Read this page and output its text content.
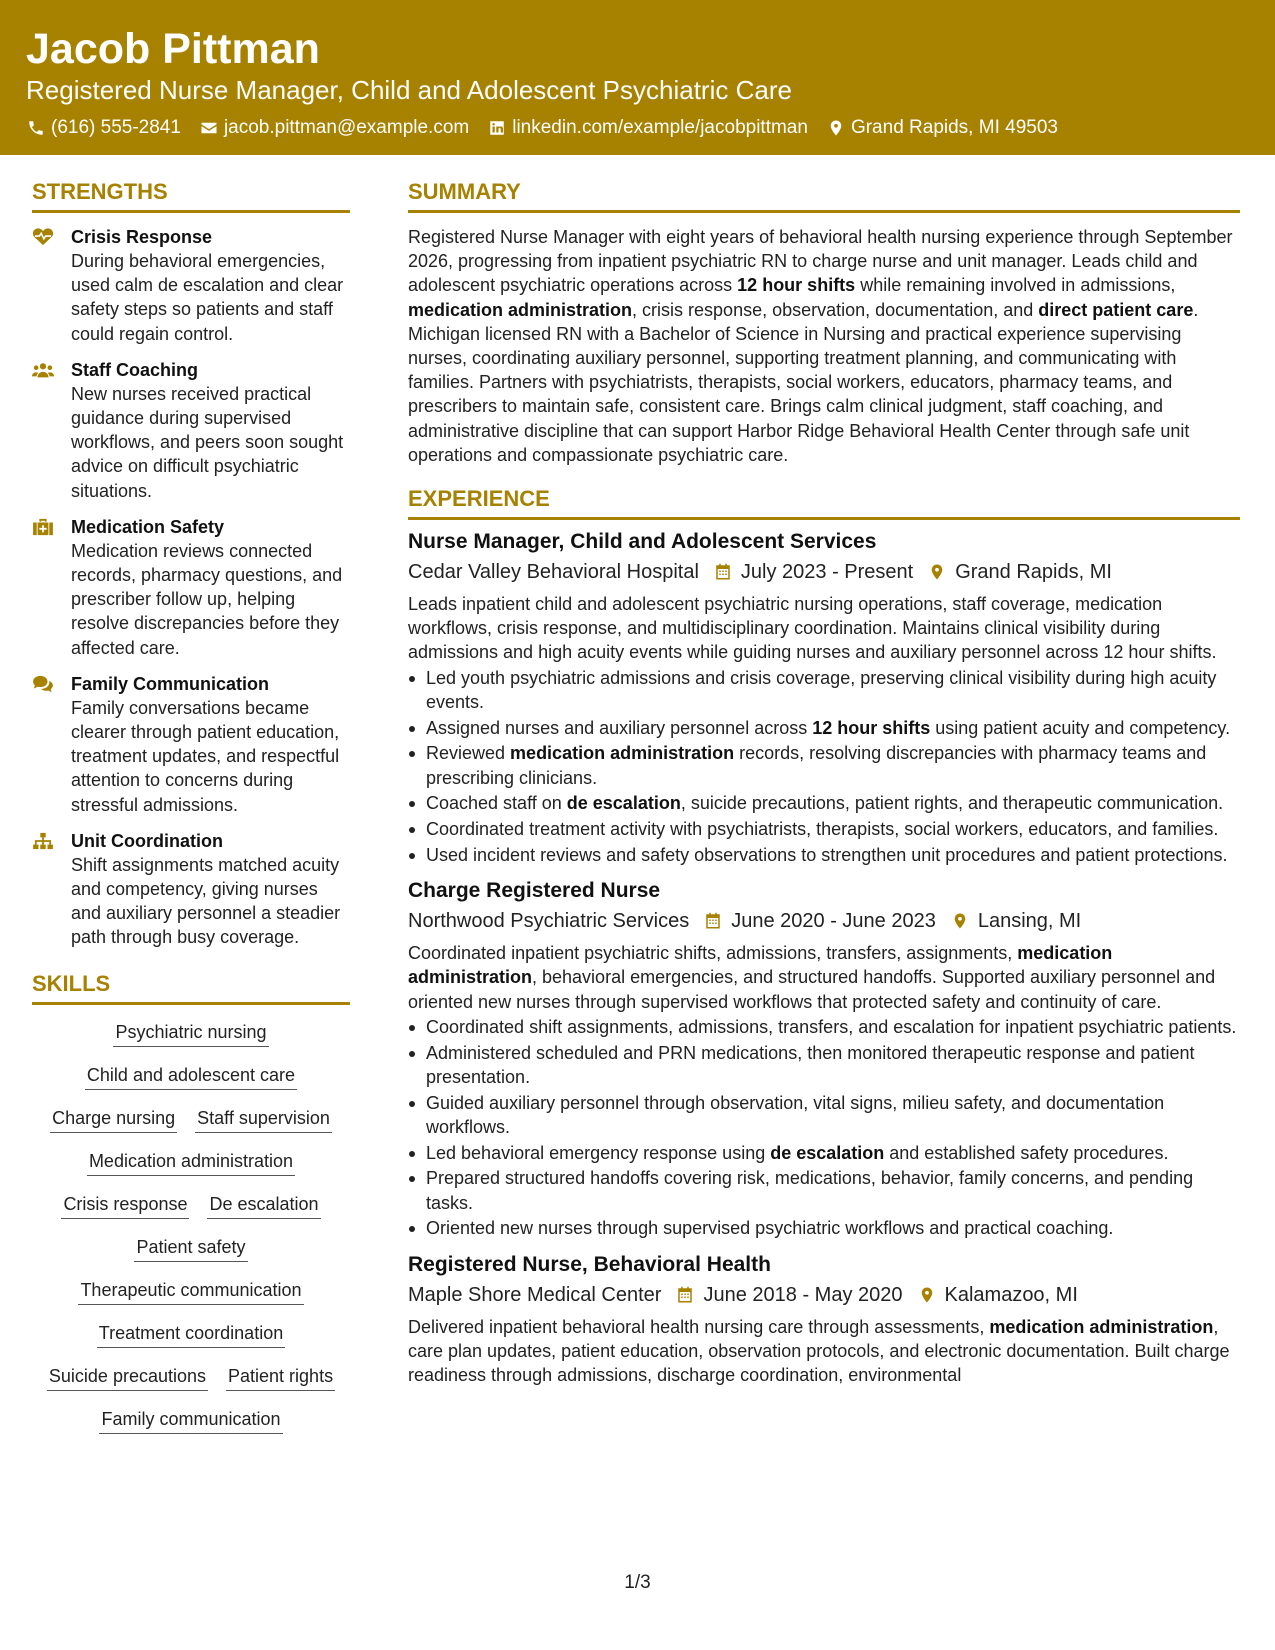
Jacob Pittman
Registered Nurse Manager, Child and Adolescent Psychiatric Care
(616) 555-2841 jacob.pittman@example.com linkedin.com/example/jacobpittman Grand Rapids, MI 49503
STRENGTHS
Crisis Response
During behavioral emergencies, used calm de escalation and clear safety steps so patients and staff could regain control.
Staff Coaching
New nurses received practical guidance during supervised workflows, and peers soon sought advice on difficult psychiatric situations.
Medication Safety
Medication reviews connected records, pharmacy questions, and prescriber follow up, helping resolve discrepancies before they affected care.
Family Communication
Family conversations became clearer through patient education, treatment updates, and respectful attention to concerns during stressful admissions.
Unit Coordination
Shift assignments matched acuity and competency, giving nurses and auxiliary personnel a steadier path through busy coverage.
SKILLS
Psychiatric nursing
Child and adolescent care
Charge nursing Staff supervision
Medication administration
Crisis response De escalation
Patient safety
Therapeutic communication
Treatment coordination
Suicide precautions Patient rights
Family communication
SUMMARY

Registered Nurse Manager with eight years of behavioral health nursing experience through September 2026, progressing from inpatient psychiatric RN to charge nurse and unit manager. Leads child and adolescent psychiatric operations across 12 hour shifts while remaining involved in admissions, medication administration, crisis response, observation, documentation, and direct patient care. Michigan licensed RN with a Bachelor of Science in Nursing and practical experience supervising nurses, coordinating auxiliary personnel, supporting treatment planning, and communicating with families. Partners with psychiatrists, therapists, social workers, educators, pharmacy teams, and prescribers to maintain safe, consistent care. Brings calm clinical judgment, staff coaching, and administrative discipline that can support Harbor Ridge Behavioral Health Center through safe unit operations and compassionate psychiatric care.

EXPERIENCE
Nurse Manager, Child and Adolescent Services
Cedar Valley Behavioral Hospital July 2023 - Present Grand Rapids, MI

Leads inpatient child and adolescent psychiatric nursing operations, staff coverage, medication workflows, crisis response, and multidisciplinary coordination. Maintains clinical visibility during admissions and high acuity events while guiding nurses and auxiliary personnel across 12 hour shifts.

Led youth psychiatric admissions and crisis coverage, preserving clinical visibility during high acuity events.
Assigned nurses and auxiliary personnel across 12 hour shifts using patient acuity and competency.
Reviewed medication administration records, resolving discrepancies with pharmacy teams and prescribing clinicians.
Coached staff on de escalation, suicide precautions, patient rights, and therapeutic communication.
Coordinated treatment activity with psychiatrists, therapists, social workers, educators, and families.
Used incident reviews and safety observations to strengthen unit procedures and patient protections.
Charge Registered Nurse
Northwood Psychiatric Services June 2020 - June 2023 Lansing, MI

Coordinated inpatient psychiatric shifts, admissions, transfers, assignments, medication administration, behavioral emergencies, and structured handoffs. Supported auxiliary personnel and oriented new nurses through supervised workflows that protected safety and continuity of care.

Coordinated shift assignments, admissions, transfers, and escalation for inpatient psychiatric patients.
Administered scheduled and PRN medications, then monitored therapeutic response and patient presentation.
Guided auxiliary personnel through observation, vital signs, milieu safety, and documentation workflows.
Led behavioral emergency response using de escalation and established safety procedures.
Prepared structured handoffs covering risk, medications, behavior, family concerns, and pending tasks.
Oriented new nurses through supervised psychiatric workflows and practical coaching.
Registered Nurse, Behavioral Health
Maple Shore Medical Center June 2018 - May 2020 Kalamazoo, MI

Delivered inpatient behavioral health nursing care through assessments, medication administration, care plan updates, patient education, observation protocols, and electronic documentation. Built charge readiness through admissions, discharge coordination, environmental

1/3
